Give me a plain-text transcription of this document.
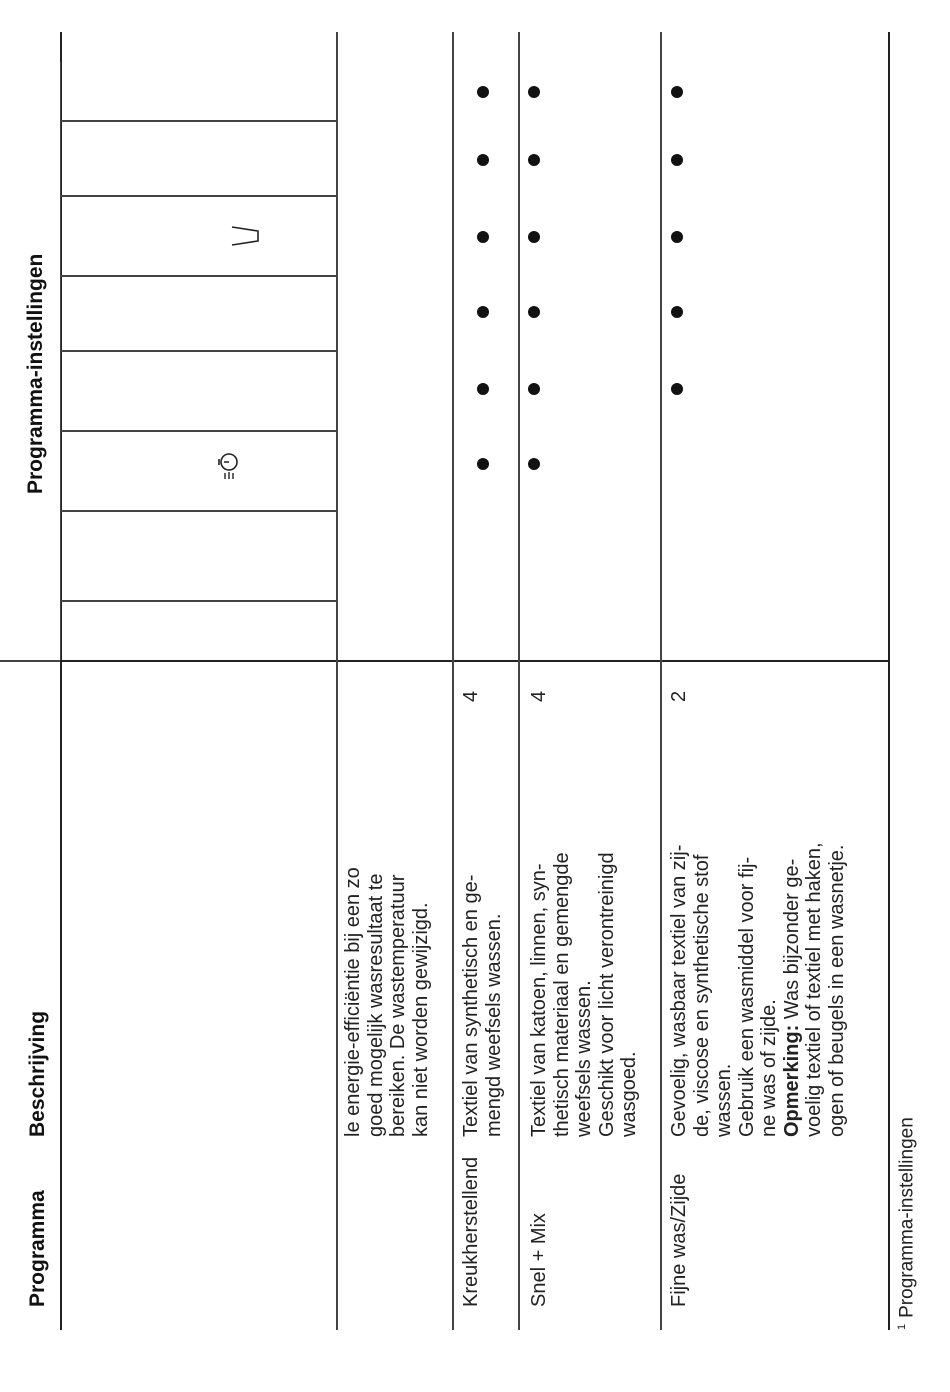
Programma
Beschrijving
Programma-instellingen

le energie-efficiëntie bij een zo goed mogelijk wasresultaat te bereiken. De wastemperatuur kan niet worden gewijzigd.

Kreukherstellend

Textiel van synthetisch en ge- mengd weefsels wassen.

4
Snel + Mix

Textiel van katoen, linnen, syn- thetisch materiaal en gemengde weefsels wassen. Geschikt voor licht verontreinigd wasgoed.

4
Fijne was/Zijde

Gevoelig, wasbaar textiel van zij- de, viscose en synthetische stof wassen. Gebruik een wasmiddel voor fij- ne was of zijde. Opmerking: Was bijzonder ge- voelig textiel of textiel met haken, ogen of beugels in een wasnetje.

2
$^1$Programma-instellingen
